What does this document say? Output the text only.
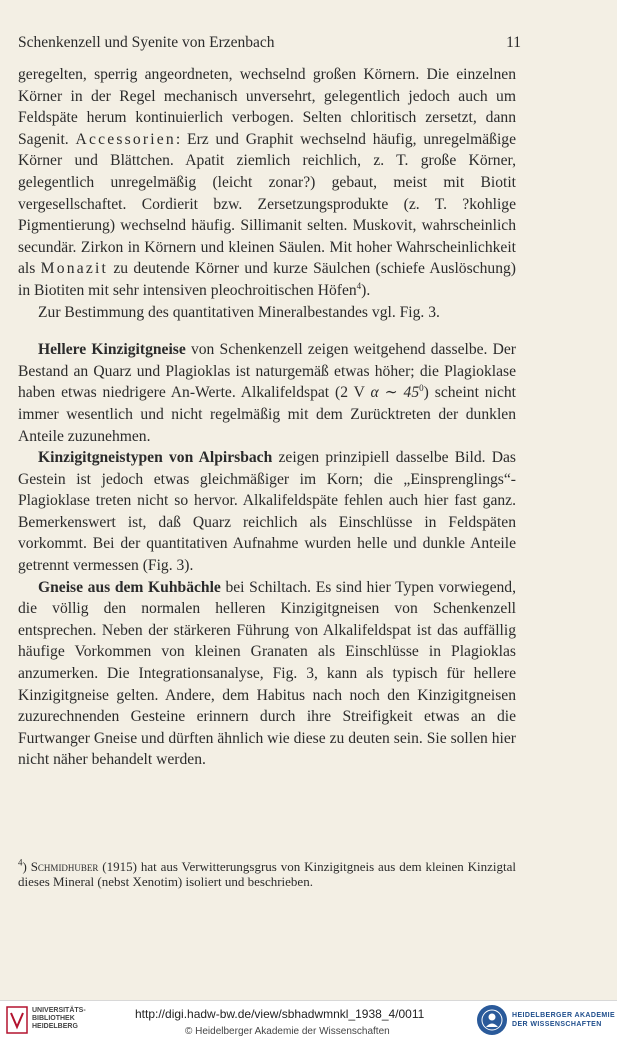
Schenkenzell und Syenite von Erzenbach	11

geregelten, sperrig angeordneten, wechselnd großen Körnern. Die einzelnen Körner in der Regel mechanisch unversehrt, gelegentlich jedoch auch um Feldspäte herum kontinuierlich verbogen. Selten chloritisch zersetzt, dann Sagenit. Accessorien: Erz und Graphit wechselnd häufig, unregelmäßige Körner und Blättchen. Apatit ziemlich reichlich, z. T. große Körner, gelegentlich unregelmäßig (leicht zonar?) gebaut, meist mit Biotit vergesellschaftet. Cordierit bzw. Zersetzungsprodukte (z. T. ?kohlige Pigmentierung) wechselnd häufig. Sillimanit selten. Muskovit, wahrscheinlich secundär. Zirkon in Körnern und kleinen Säulen. Mit hoher Wahrscheinlichkeit als Monazit zu deutende Körner und kurze Säulchen (schiefe Auslöschung) in Biotiten mit sehr intensiven pleochroitischen Höfen$^4$).

Zur Bestimmung des quantitativen Mineralbestandes vgl. Fig. 3.

Hellere Kinzigitgneise von Schenkenzell zeigen weitgehend dasselbe. Der Bestand an Quarz und Plagioklas ist naturgemäß etwas höher; die Plagioklase haben etwas niedrigere An-Werte. Alkalifeldspat (2 V α ∼ $45^0$) scheint nicht immer wesentlich und nicht regelmäßig mit dem Zurücktreten der dunklen Anteile zuzunehmen.

Kinzigitgneistypen von Alpirsbach zeigen prinzipiell dasselbe Bild. Das Gestein ist jedoch etwas gleichmäßiger im Korn; die „Einsprenglings“-Plagioklase treten nicht so hervor. Alkalifeldspäte fehlen auch hier fast ganz. Bemerkenswert ist, daß Quarz reichlich als Einschlüsse in Feldspäten vorkommt. Bei der quantitativen Aufnahme wurden helle und dunkle Anteile getrennt vermessen (Fig. 3).

Gneise aus dem Kuhbächle bei Schiltach. Es sind hier Typen vorwiegend, die völlig den normalen helleren Kinzigitgneisen von Schenkenzell entsprechen. Neben der stärkeren Führung von Alkalifeldspat ist das auffällig häufige Vorkommen von kleinen Granaten als Einschlüsse in Plagioklas anzumerken. Die Integrationsanalyse, Fig. 3, kann als typisch für hellere Kinzigitgneise gelten. Andere, dem Habitus nach noch den Kinzigitgneisen zuzurechnenden Gesteine erinnern durch ihre Streifigkeit etwas an die Furtwanger Gneise und dürften ähnlich wie diese zu deuten sein. Sie sollen hier nicht näher behandelt werden.

$^4$) Schmidhuber (1915) hat aus Verwitterungsgrus von Kinzigitgneis aus dem kleinen Kinzigtal dieses Mineral (nebst Xenotim) isoliert und beschrieben.
UNIVERSITÄTS-
BIBLIOTHEK
HEIDELBERG
http://digi.hadw-bw.de/view/sbhadwmnkl_1938_4/0011
© Heidelberger Akademie der Wissenschaften
HEIDELBERGER AKADEMIE
DER WISSENSCHAFTEN
